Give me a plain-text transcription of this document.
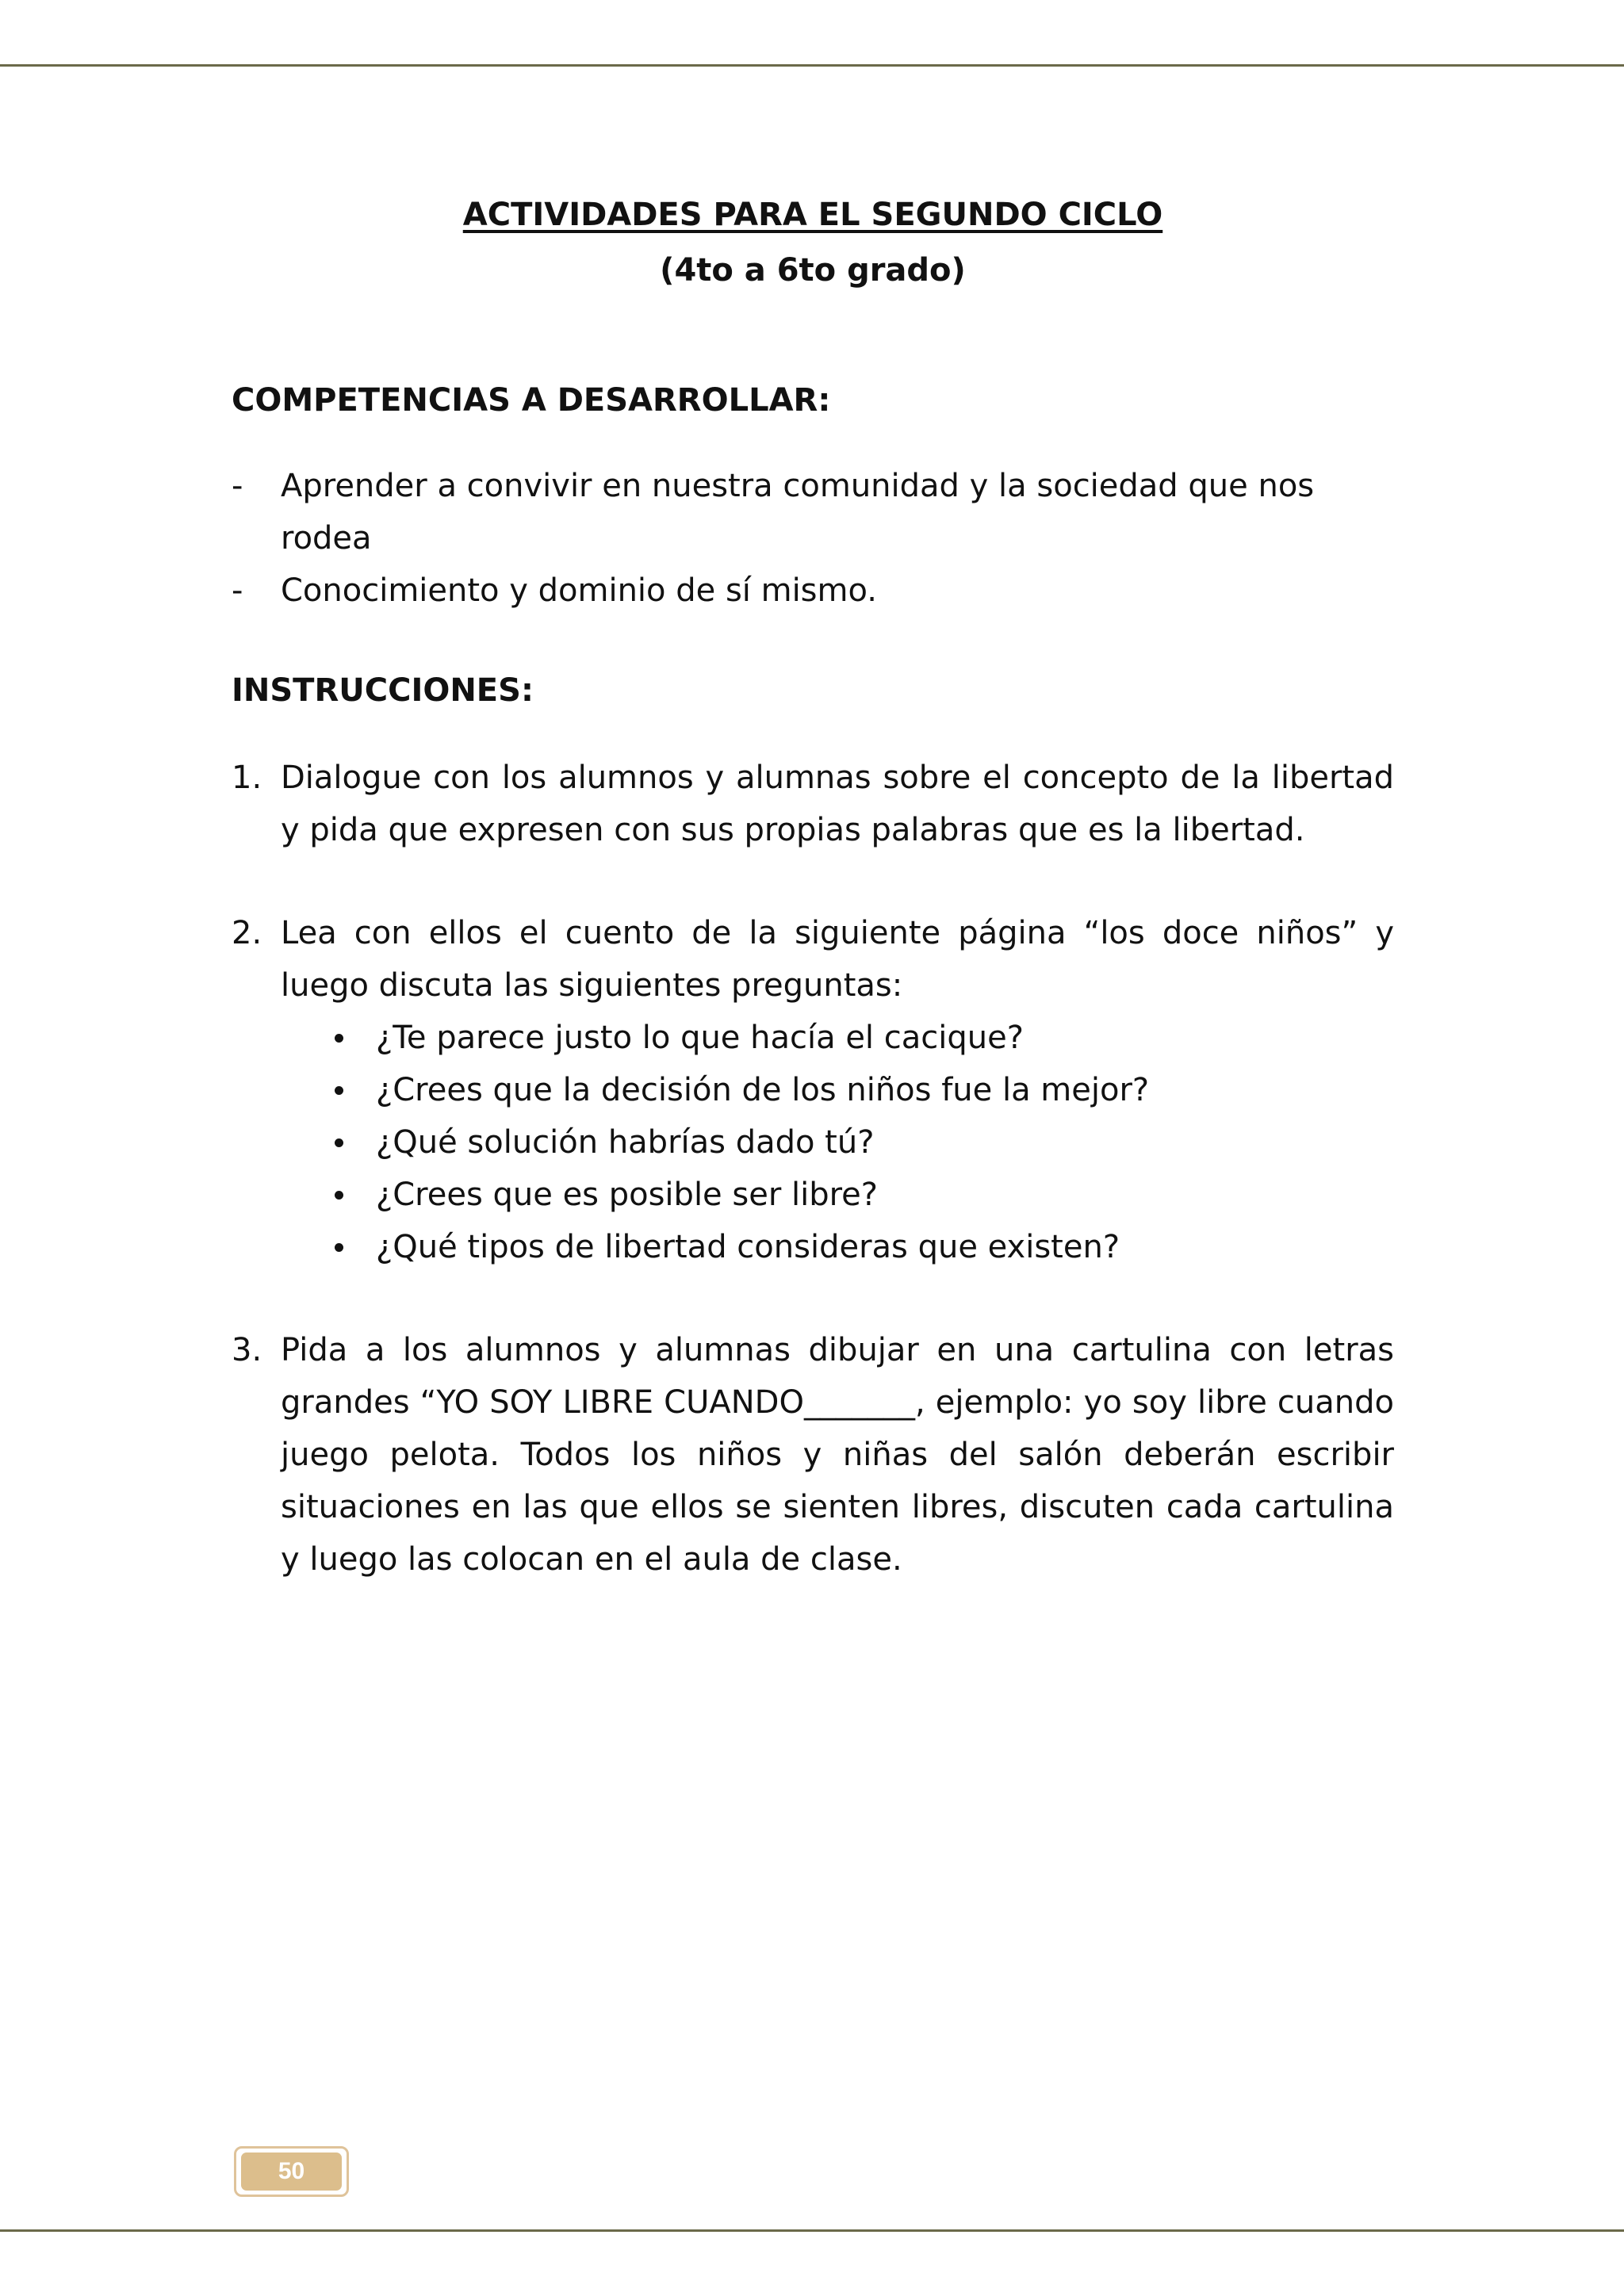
ACTIVIDADES PARA EL SEGUNDO CICLO
(4to a 6to grado)
COMPETENCIAS A DESARROLLAR:
- Aprender a convivir en nuestra comunidad y la sociedad que nos rodea
- Conocimiento y dominio de sí mismo.
INSTRUCCIONES:
1. Dialogue con los alumnos y alumnas sobre el concepto de la libertad y pida que expresen con sus propias palabras que es la libertad.
2. Lea con ellos el cuento de la siguiente página “los doce niños” y luego discuta las siguientes preguntas:
¿Te parece justo lo que hacía el cacique?
¿Crees que la decisión de los niños fue la mejor?
¿Qué solución habrías dado tú?
¿Crees que es posible ser libre?
¿Qué tipos de libertad consideras que existen?
3. Pida a los alumnos y alumnas dibujar en una cartulina con letras grandes “YO SOY LIBRE CUANDO_______, ejemplo: yo soy libre cuando juego pelota. Todos los niños y niñas del salón deberán escribir situaciones en las que ellos se sienten libres, discuten cada cartulina y luego las colocan en el aula de clase.
50
